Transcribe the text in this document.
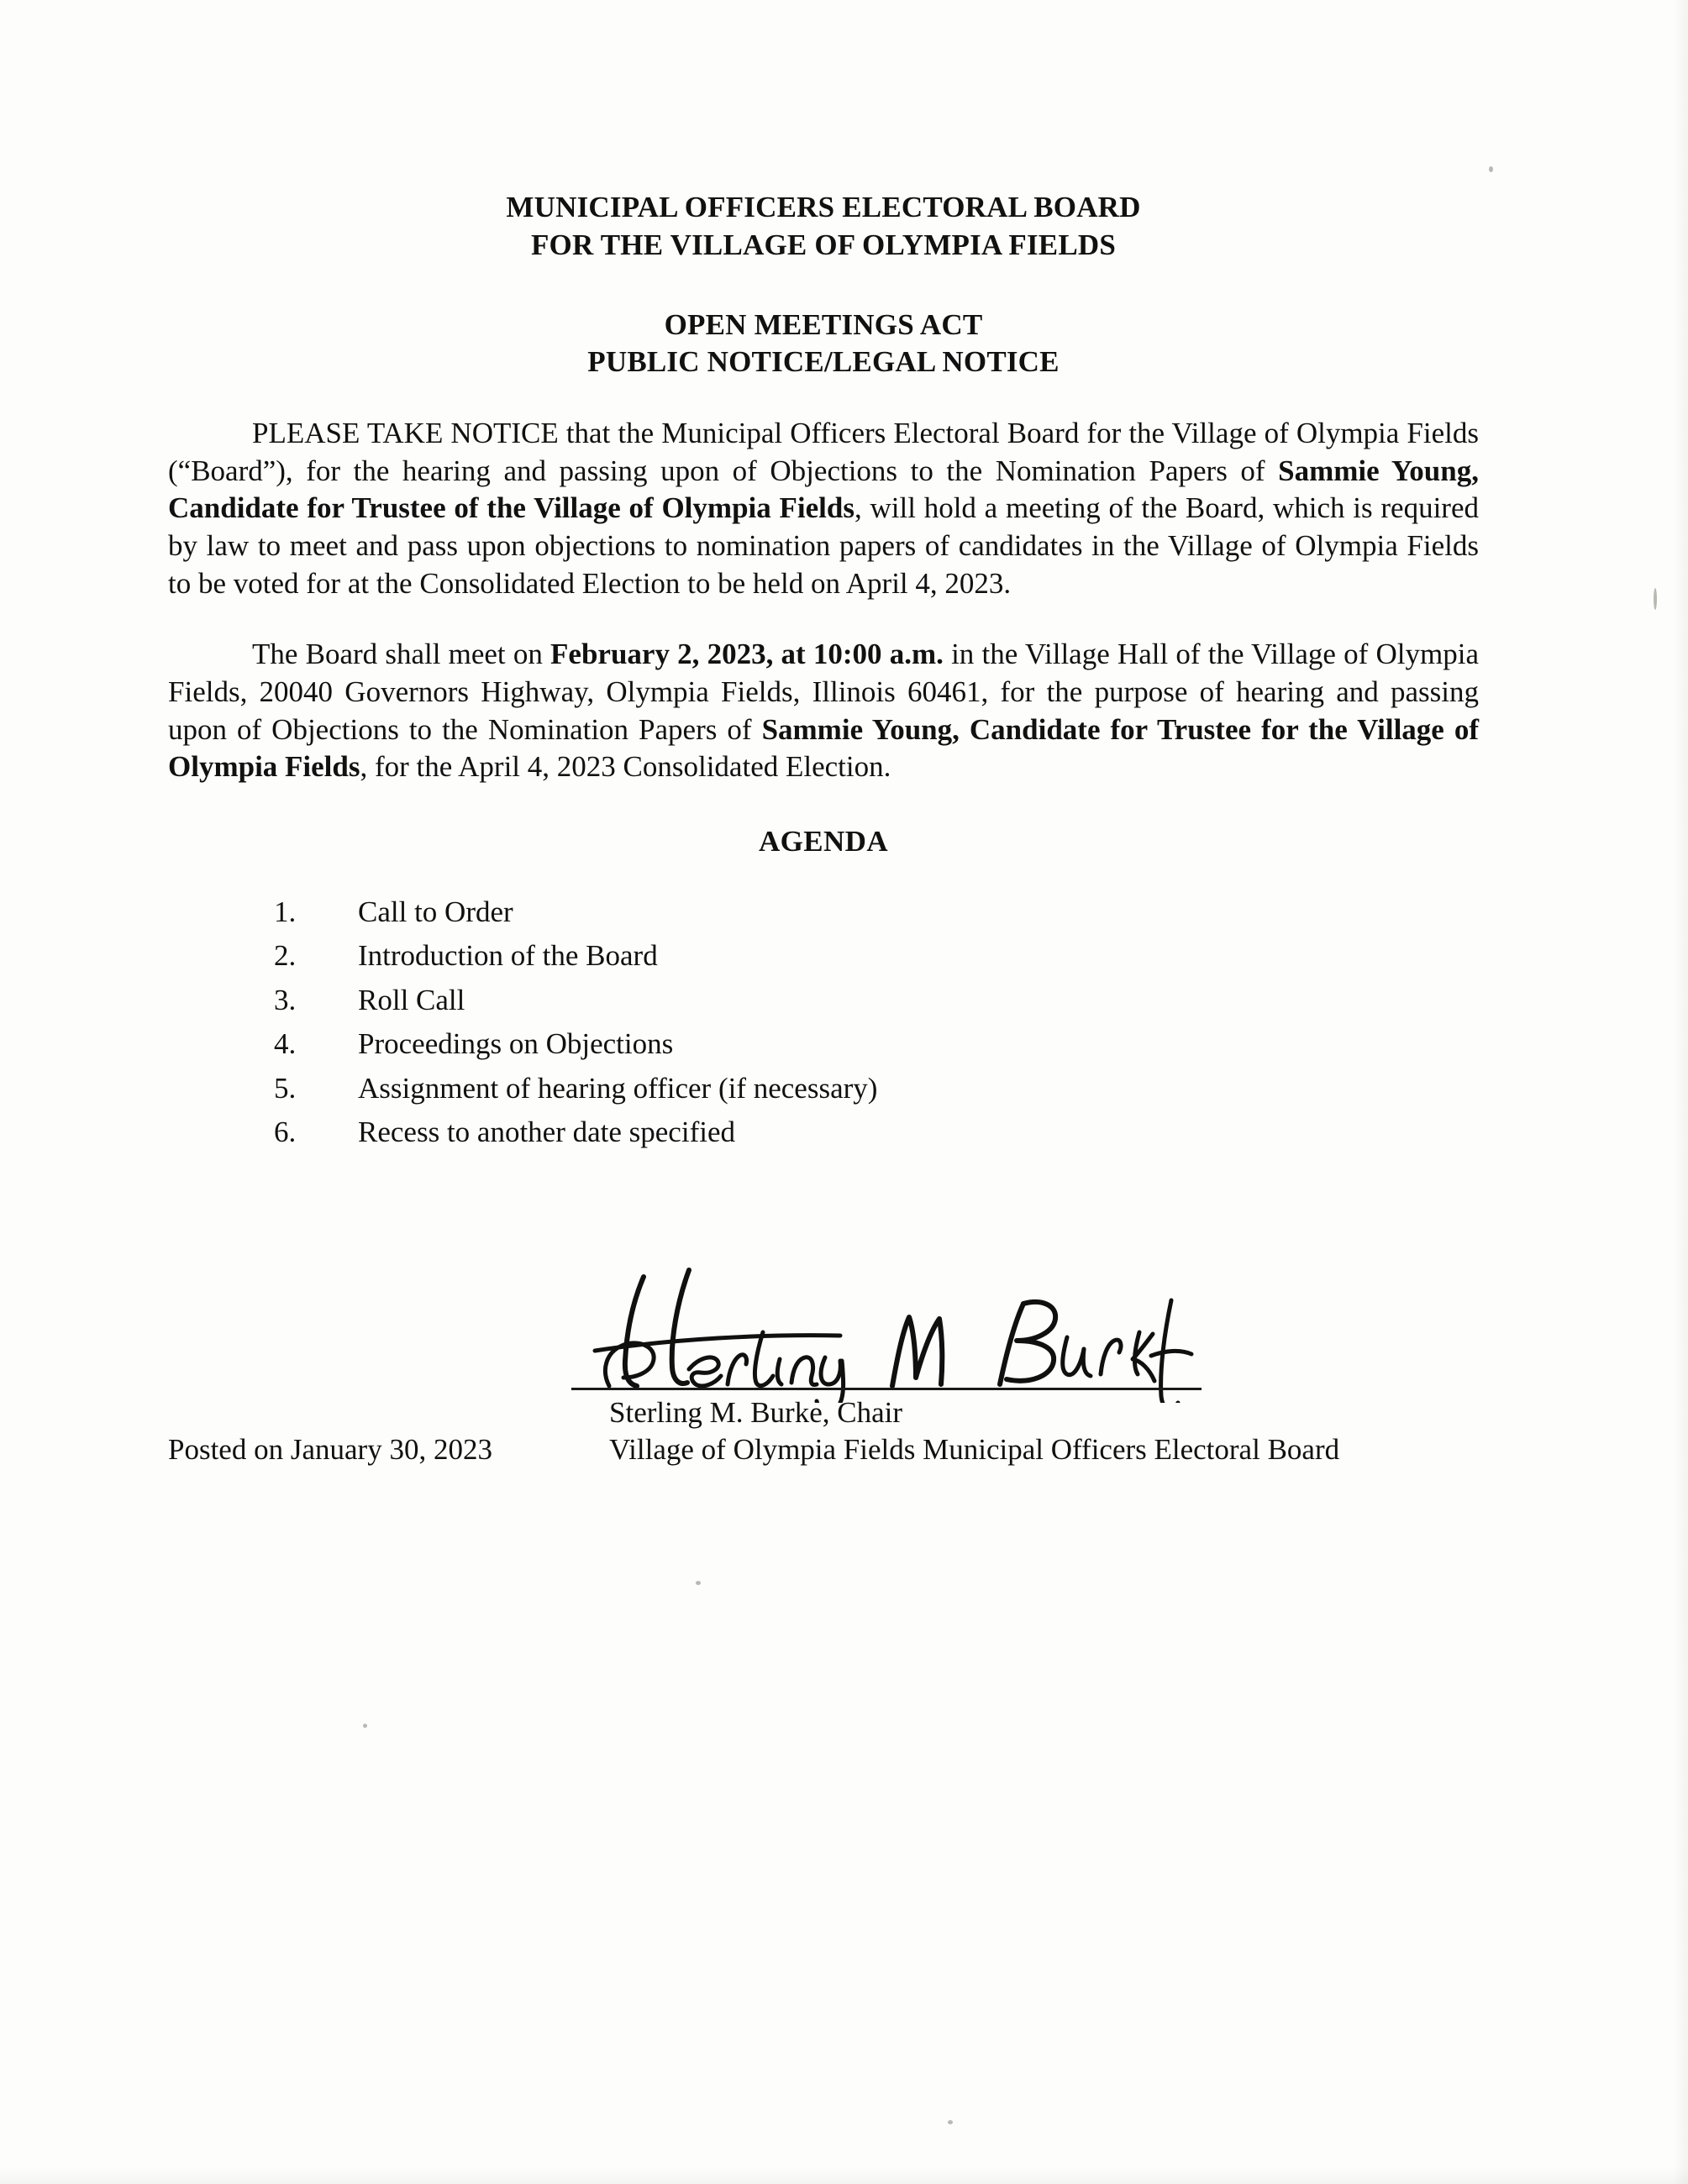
MUNICIPAL OFFICERS ELECTORAL BOARD
FOR THE VILLAGE OF OLYMPIA FIELDS
OPEN MEETINGS ACT
PUBLIC NOTICE/LEGAL NOTICE

PLEASE TAKE NOTICE that the Municipal Officers Electoral Board for the Village of Olympia Fields (“Board”), for the hearing and passing upon of Objections to the Nomination Papers of Sammie Young, Candidate for Trustee of the Village of Olympia Fields, will hold a meeting of the Board, which is required by law to meet and pass upon objections to nomination papers of candidates in the Village of Olympia Fields to be voted for at the Consolidated Election to be held on April 4, 2023.

The Board shall meet on February 2, 2023, at 10:00 a.m. in the Village Hall of the Village of Olympia Fields, 20040 Governors Highway, Olympia Fields, Illinois 60461, for the purpose of hearing and passing upon of Objections to the Nomination Papers of Sammie Young, Candidate for Trustee for the Village of Olympia Fields, for the April 4, 2023 Consolidated Election.

AGENDA
1.	Call to Order
2.	Introduction of the Board
3.	Roll Call
4.	Proceedings on Objections
5.	Assignment of hearing officer (if necessary)
6.	Recess to another date specified
Sterling M. Burke, Chair
Village of Olympia Fields Municipal Officers Electoral Board
Posted on January 30, 2023
